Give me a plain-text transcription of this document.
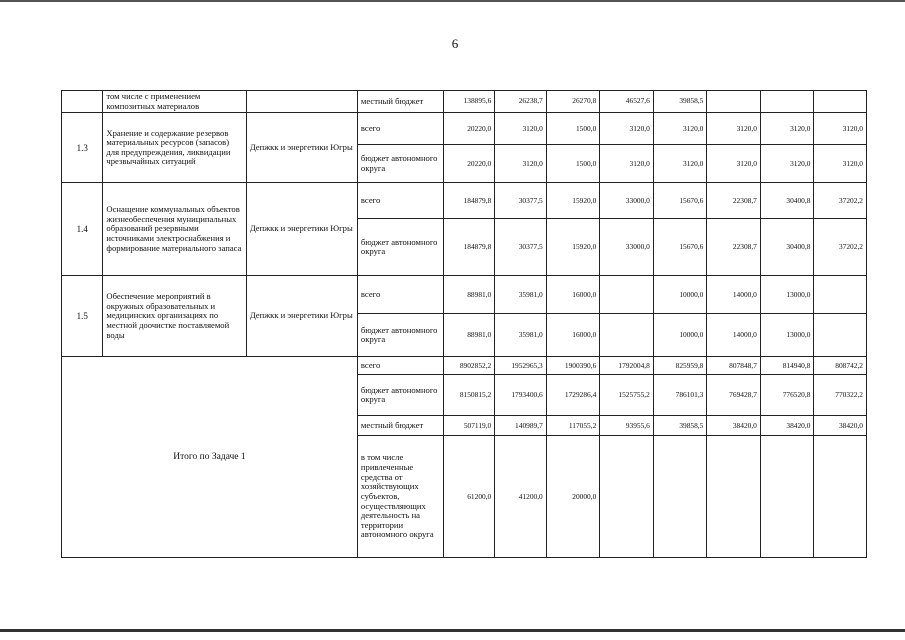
6
	том числе с применением композитных материалов		местный бюджет	138895,6	26238,7	26270,8	46527,6	39858,5			
1.3	Хранение и содержание резервов материальных ресурсов (запасов) для предупреждения, ликвидации чрезвычайных ситуаций	Депжкк и энергетики Югры	всего	20220,0	3120,0	1500,0	3120,0	3120,0	3120,0	3120,0	3120,0
			бюджет автономного округа	20220,0	3120,0	1500,0	3120,0	3120,0	3120,0	3120,0	3120,0
1.4	Оснащение коммунальных объектов жизнеобеспечения муниципальных образований резервными источниками электроснабжения и формирование материального запаса	Депжкк и энергетики Югры	всего	184879,8	30377,5	15920,0	33000,0	15670,6	22308,7	30400,8	37202,2
			бюджет автономного округа	184879,8	30377,5	15920,0	33000,0	15670,6	22308,7	30400,8	37202,2
1.5	Обеспечение мероприятий в окружных образовательных и медицинских организациях по местной доочистке поставляемой воды	Депжкк и энергетики Югры	всего	88981,0	35981,0	16000,0		10000,0	14000,0	13000,0	
			бюджет автономного округа	88981,0	35981,0	16000,0		10000,0	14000,0	13000,0	
Итого по Задаче 1			всего	8902852,2	1952965,3	1900390,6	1792004,8	825959,8	807848,7	814940,8	808742,2
			бюджет автономного округа	8150815,2	1793400,6	1729286,4	1525755,2	786101,3	769428,7	776520,8	770322,2
			местный бюджет	507119,0	140989,7	117055,2	93955,6	39858,5	38420,0	38420,0	38420,0
			в том числе привлеченные средства от хозяйствующих субъектов, осуществляющих деятельность на территории автономного округа	61200,0	41200,0	20000,0					
